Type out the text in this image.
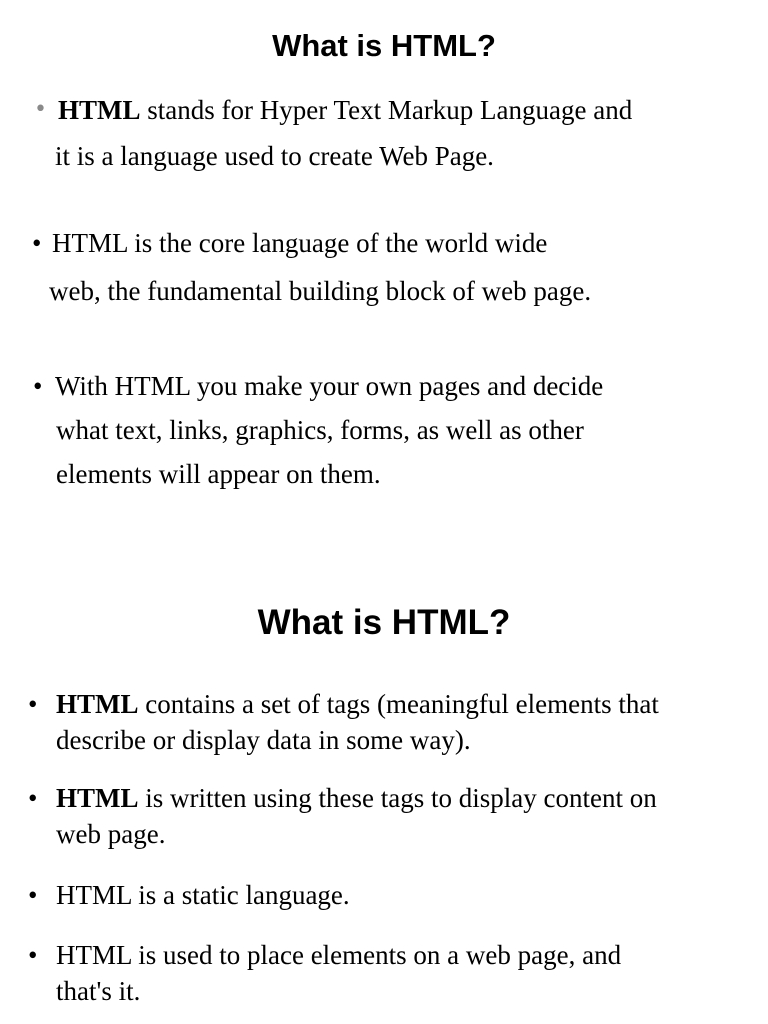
What is HTML?
• HTML stands for Hyper Text Markup Language and
it is a language used to create Web Page.
• HTML is the core language of the world wide
web, the fundamental building block of web page.
• With HTML you make your own pages and decide
what text, links, graphics, forms, as well as other
elements will appear on them.
What is HTML?
• HTML contains a set of tags (meaningful elements that
describe or display data in some way).
• HTML is written using these tags to display content on
web page.
• HTML is a static language.
• HTML is used to place elements on a web page, and
that's it.
